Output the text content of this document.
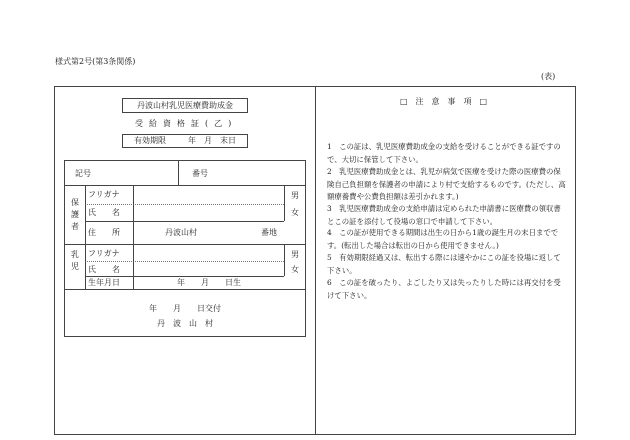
様式第2号(第3条関係)
(表)
丹波山村乳児医療費助成金
受給資格証(乙)
有効期限	年　月　末日
記号	番号
保護者
フリガナ
氏　　名
男
女
住　　所	丹波山村	番地
乳児
フリガナ
氏　　名
男
女
生年月日	年　　月　　日生
年　　月　　日交付
丹　波　山　村
□　注　意　事　項　□
1　この証は、乳児医療費助成金の支給を受けることができる証ですので、大切に保管して下さい。
2　乳児医療費助成金とは、乳児が病気で医療を受けた際の医療費の保険自己負担額を保護者の申請により村で支給するものです。(ただし、高額療養費や公費負担額は差引かれます。)
3　乳児医療費助成金の支給申請は定められた申請書に医療費の領収書とこの証を添付して役場の窓口で申請して下さい。
4　この証が使用できる期間は出生の日から1歳の誕生月の末日までです。(転出した場合は転出の日から使用できません。)
5　有効期限経過又は、転出する際には速やかにこの証を役場に返して下さい。
6　この証を破ったり、よごしたり又は失ったりした時には再交付を受けて下さい。
